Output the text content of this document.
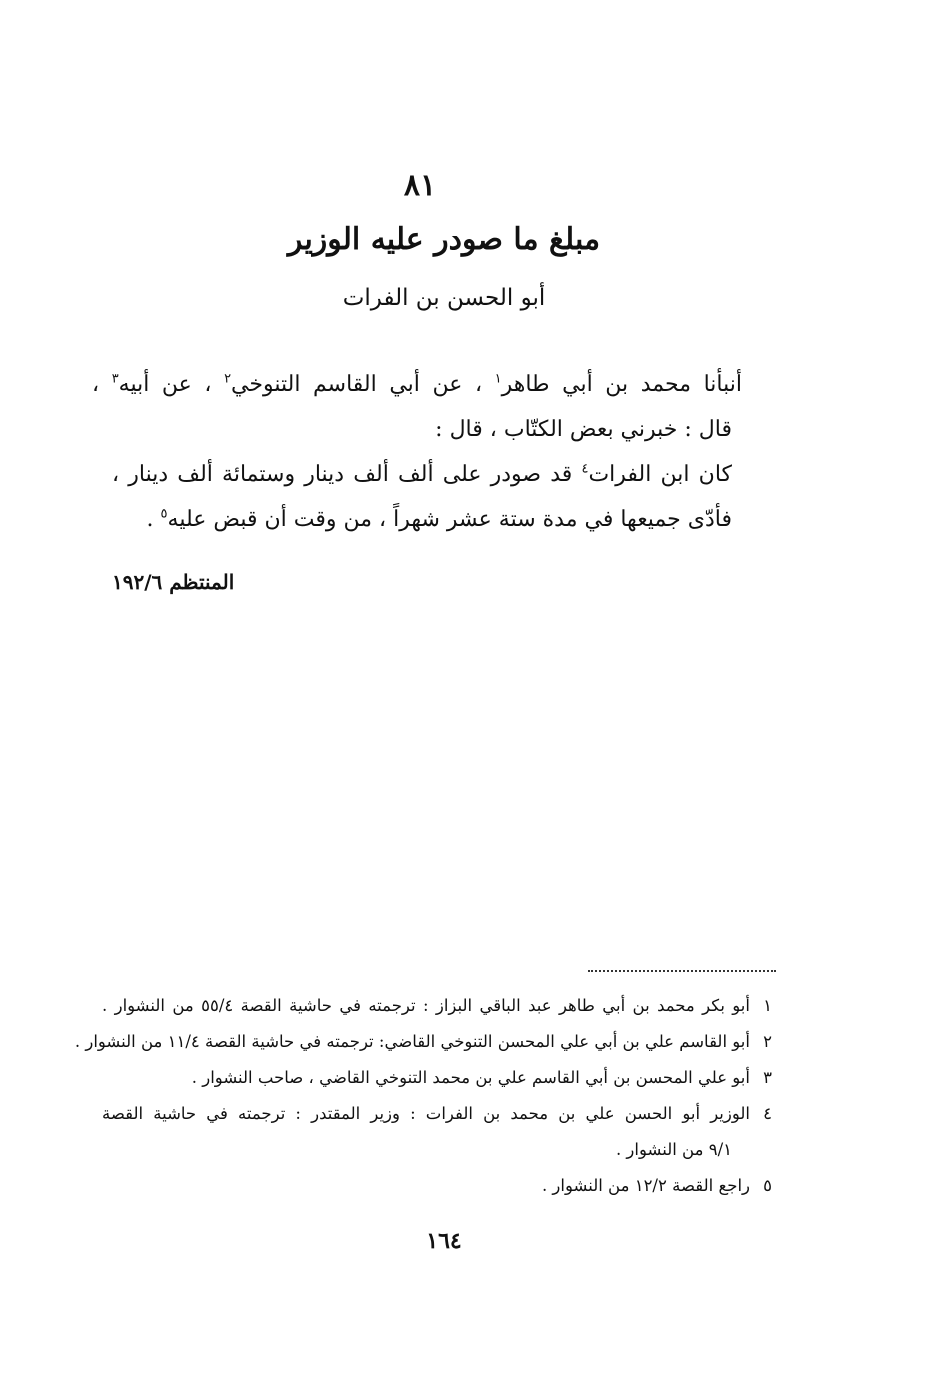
٨١
مبلغ ما صودر عليه الوزير
أبو الحسن بن الفرات
أنبأنا محمد بن أبي طاهر$^١$ ، عن أبي القاسم التنوخي$^٢$ ، عن أبيه$^٣$ ،
قال : خبرني بعض الكتّاب ، قال :
كان ابن الفرات$^٤$ قد صودر على ألف ألف دينار وستمائة ألف دينار ،
فأدّى جميعها في مدة ستة عشر شهراً ، من وقت أن قبض عليه$^٥$ .
المنتظم ١٩٢/٦
١أبو بكر محمد بن أبي طاهر عبد الباقي البزاز : ترجمته في حاشية القصة ٥٥/٤ من النشوار .
٢أبو القاسم علي بن أبي علي المحسن التنوخي القاضي: ترجمته في حاشية القصة ١١/٤ من النشوار .
٣أبو علي المحسن بن أبي القاسم علي بن محمد التنوخي القاضي ، صاحب النشوار .
٤الوزير أبو الحسن علي بن محمد بن الفرات : وزير المقتدر : ترجمته في حاشية القصة
٩/١ من النشوار .
٥راجع القصة ١٢/٢ من النشوار .
١٦٤
